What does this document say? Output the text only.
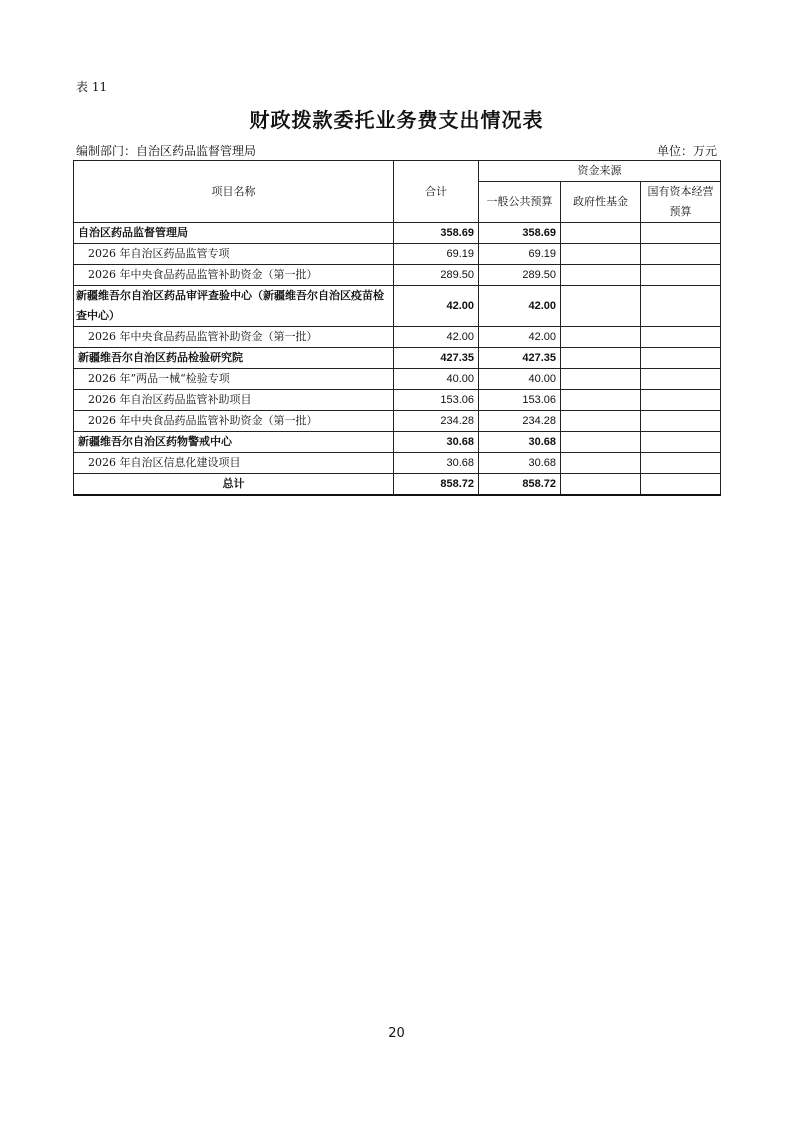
表 11
财政拨款委托业务费支出情况表
编制部门：自治区药品监督管理局	单位：万元
项目名称	合计	资金来源		
		一般公共预算	政府性基金	国有资本经营
预算

自治区药品监督管理局	358.69	358.69		
2026 年自治区药品监管专项	69.19	69.19		
2026 年中央食品药品监管补助资金（第一批）	289.50	289.50		
新疆维吾尔自治区药品审评查验中心（新疆维吾尔自治区疫苗检查中心）	42.00	42.00		
2026 年中央食品药品监管补助资金（第一批）	42.00	42.00		
新疆维吾尔自治区药品检验研究院	427.35	427.35		
2026 年”两品一械“检验专项	40.00	40.00		
2026 年自治区药品监管补助项目	153.06	153.06		
2026 年中央食品药品监管补助资金（第一批）	234.28	234.28		
新疆维吾尔自治区药物警戒中心	30.68	30.68		
2026 年自治区信息化建设项目	30.68	30.68		
总计	858.72	858.72		
20
